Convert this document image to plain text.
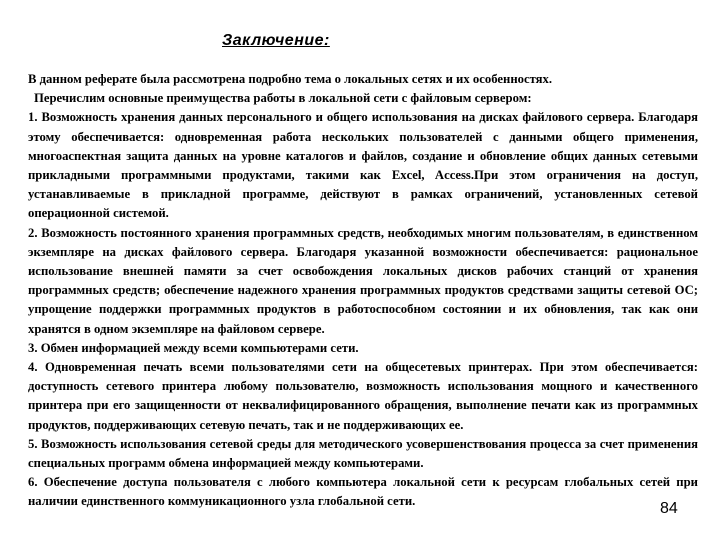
Заключение:

В данном реферате была рассмотрена подробно тема о локальных сетях и их особенностях.

Перечислим основные преимущества работы в локальной сети с файловым сервером:

1. Возможность хранения данных персонального и общего использования на дисках файлового сервера. Благодаря этому обеспечивается: одновременная работа нескольких пользователей с данными общего применения, многоаспектная защита данных на уровне каталогов и файлов, создание и обновление общих данных сетевыми прикладными программными продуктами, такими как Excel, Access.При этом ограничения на доступ, устанавливаемые в прикладной программе, действуют в рамках ограничений, установленных сетевой операционной системой.

2. Возможность постоянного хранения программных средств, необходимых многим пользователям, в единственном экземпляре на дисках файлового сервера. Благодаря указанной возможности обеспечивается: рациональное использование внешней памяти за счет освобождения локальных дисков рабочих станций от хранения программных средств; обеспечение надежного хранения программных продуктов средствами защиты сетевой ОС; упрощение поддержки программных продуктов в работоспособном состоянии и их обновления, так как они хранятся в одном экземпляре на файловом сервере.

3. Обмен информацией между всеми компьютерами сети.

4. Одновременная печать всеми пользователями сети на общесетевых принтерах. При этом обеспечивается: доступность сетевого принтера любому пользователю, возможность использования мощного и качественного принтера при его защищенности от неквалифицированного обращения, выполнение печати как из программных продуктов, поддерживающих сетевую печать, так и не поддерживающих ее.

5. Возможность использования сетевой среды для методического усовершенствования процесса за счет применения специальных программ обмена информацией между компьютерами.

6. Обеспечение доступа пользователя с любого компьютера локальной сети к ресурсам глобальных сетей при наличии единственного коммуникационного узла глобальной сети.	84
